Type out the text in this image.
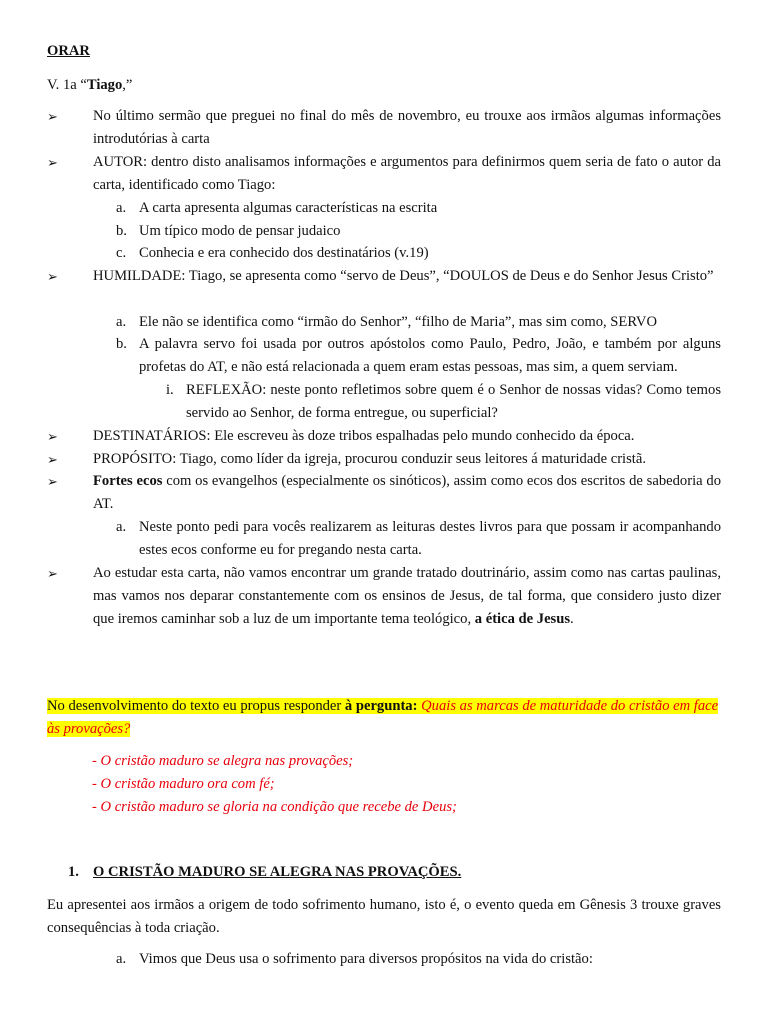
ORAR
V. 1a “Tiago,”
➢	No último sermão que preguei no final do mês de novembro, eu trouxe aos irmãos algumas informações introdutórias à carta
➢	AUTOR: dentro disto analisamos informações e argumentos para definirmos quem seria de fato o autor da carta, identificado como Tiago:
a. A carta apresenta algumas características na escrita
b. Um típico modo de pensar judaico
c. Conhecia e era conhecido dos destinatários (v.19)
➢	HUMILDADE: Tiago, se apresenta como “servo de Deus”, “DOULOS de Deus e do Senhor Jesus Cristo”
a. Ele não se identifica como “irmão do Senhor”, “filho de Maria”, mas sim como, SERVO
b. A palavra servo foi usada por outros apóstolos como Paulo, Pedro, João, e também por alguns profetas do AT, e não está relacionada a quem eram estas pessoas, mas sim, a quem serviam.
i. REFLEXÃO: neste ponto refletimos sobre quem é o Senhor de nossas vidas? Como temos servido ao Senhor, de forma entregue, ou superficial?
➢	DESTINATÁRIOS: Ele escreveu às doze tribos espalhadas pelo mundo conhecido da época.
➢	PROPÓSITO: Tiago, como líder da igreja, procurou conduzir seus leitores á maturidade cristã.
➢	Fortes ecos com os evangelhos (especialmente os sinóticos), assim como ecos dos escritos de sabedoria do AT.
a. Neste ponto pedi para vocês realizarem as leituras destes livros para que possam ir acompanhando estes ecos conforme eu for pregando nesta carta.
➢	Ao estudar esta carta, não vamos encontrar um grande tratado doutrinário, assim como nas cartas paulinas, mas vamos nos deparar constantemente com os ensinos de Jesus, de tal forma, que considero justo dizer que iremos caminhar sob a luz de um importante tema teológico, a ética de Jesus.
No desenvolvimento do texto eu propus responder à pergunta: Quais as marcas de maturidade do cristão em face às provações?
- O cristão maduro se alegra nas provações;
- O cristão maduro ora com fé;
- O cristão maduro se gloria na condição que recebe de Deus;
1. O CRISTÃO MADURO SE ALEGRA NAS PROVAÇÕES.
Eu apresentei aos irmãos a origem de todo sofrimento humano, isto é, o evento queda em Gênesis 3 trouxe graves consequências à toda criação.
a. Vimos que Deus usa o sofrimento para diversos propósitos na vida do cristão:
